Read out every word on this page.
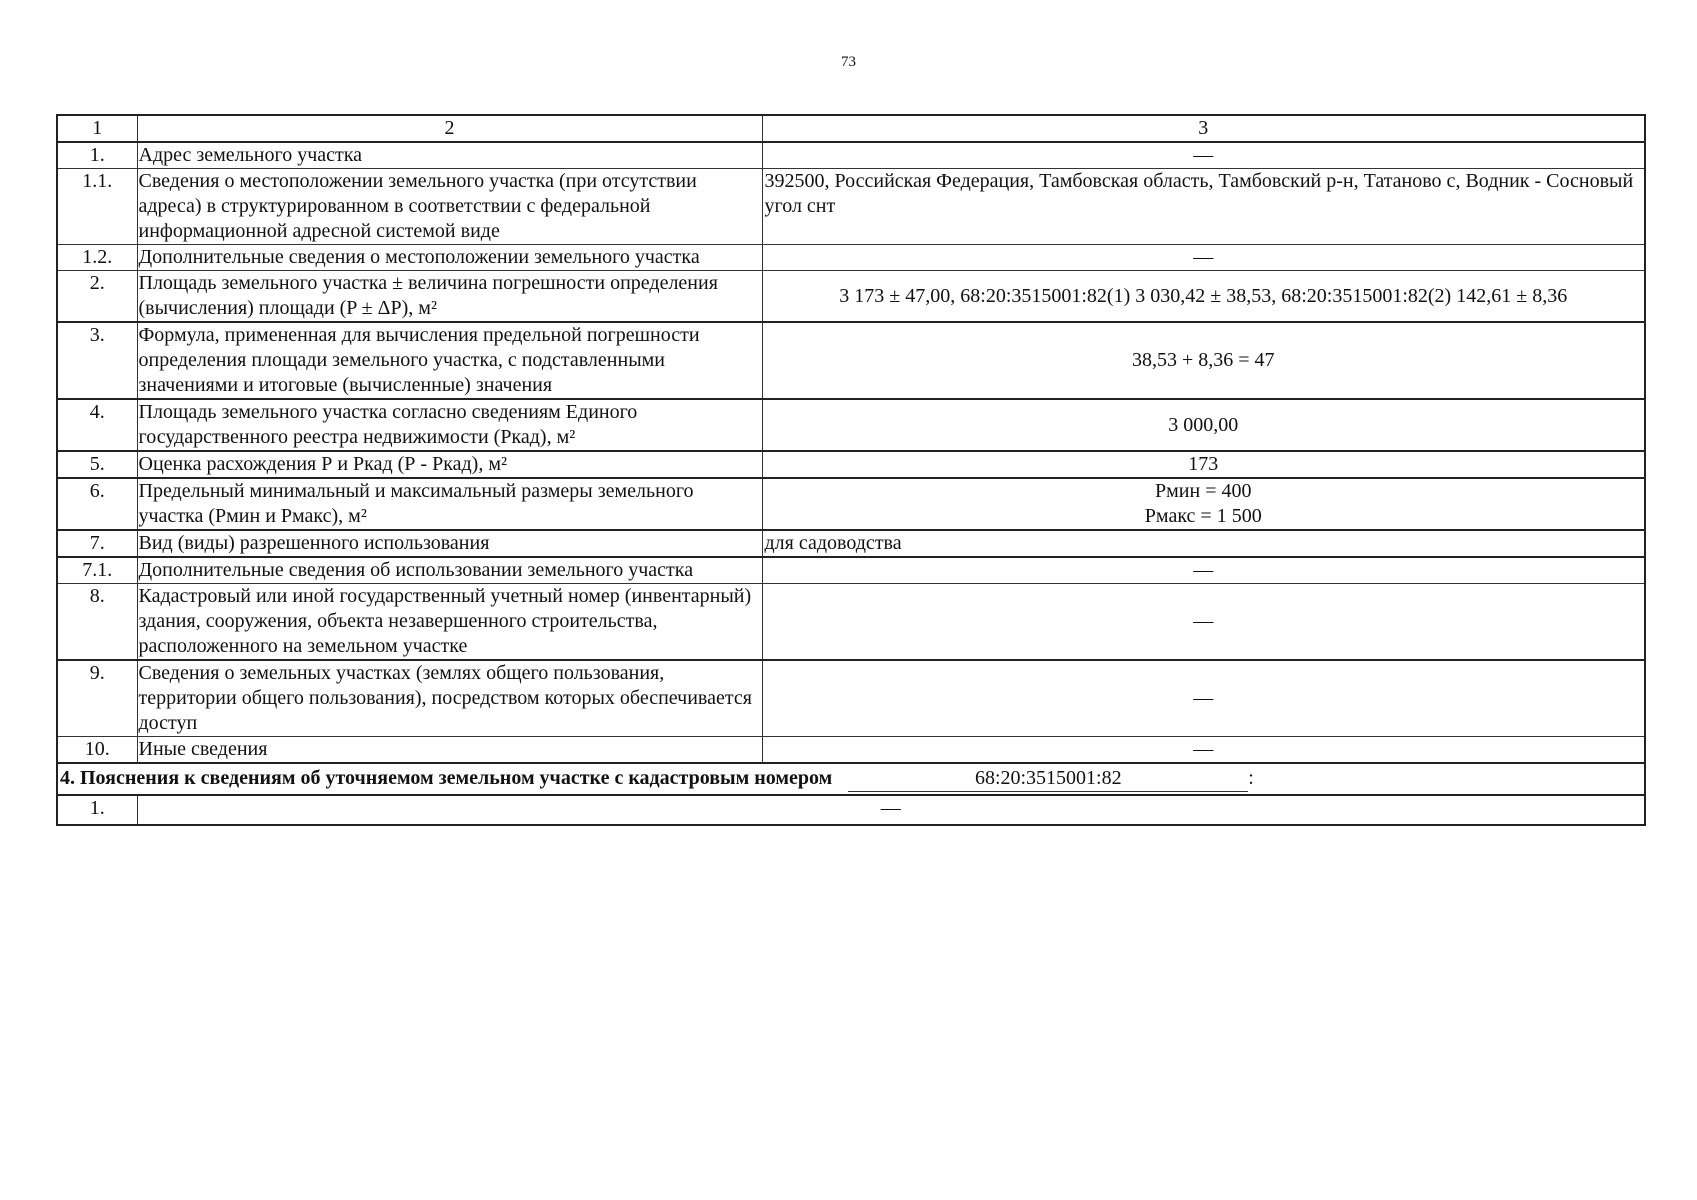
73
1	2	3
1.	Адрес земельного участка	—
1.1.	Сведения о местоположении земельного участка (при отсутствии адреса) в структурированном в соответствии с федеральной информационной адресной системой виде	392500, Российская Федерация, Тамбовская область, Тамбовский р-н, Татаново с, Водник - Сосновый угол снт
1.2.	Дополнительные сведения о местоположении земельного участка	—
2.	Площадь земельного участка ± величина погрешности определения (вычисления) площади (P ± ΔP), м²	3 173 ± 47,00, 68:20:3515001:82(1) 3 030,42 ± 38,53, 68:20:3515001:82(2) 142,61 ± 8,36
3.	Формула, примененная для вычисления предельной погрешности определения площади земельного участка, с подставленными значениями и итоговые (вычисленные) значения	38,53 + 8,36 = 47
4.	Площадь земельного участка согласно сведениям Единого государственного реестра недвижимости (Ркад), м²	3 000,00
5.	Оценка расхождения Р и Ркад (Р - Ркад), м²	173
6.	Предельный минимальный и максимальный размеры земельного участка (Рмин и Рмакс), м²	Рмин = 400
Рмакс = 1 500

7.	Вид (виды) разрешенного использования	для садоводства
7.1.	Дополнительные сведения об использовании земельного участка	—
8.	Кадастровый или иной государственный учетный номер (инвентарный) здания, сооружения, объекта незавершенного строительства, расположенного на земельном участке	—
9.	Сведения о земельных участках (землях общего пользования, территории общего пользования), посредством которых обеспечивается доступ	—
10.	Иные сведения	—
4. Пояснения к сведениям об уточняемом земельном участке с кадастровым номером 68:20:3515001:82 :		
1.	—	
